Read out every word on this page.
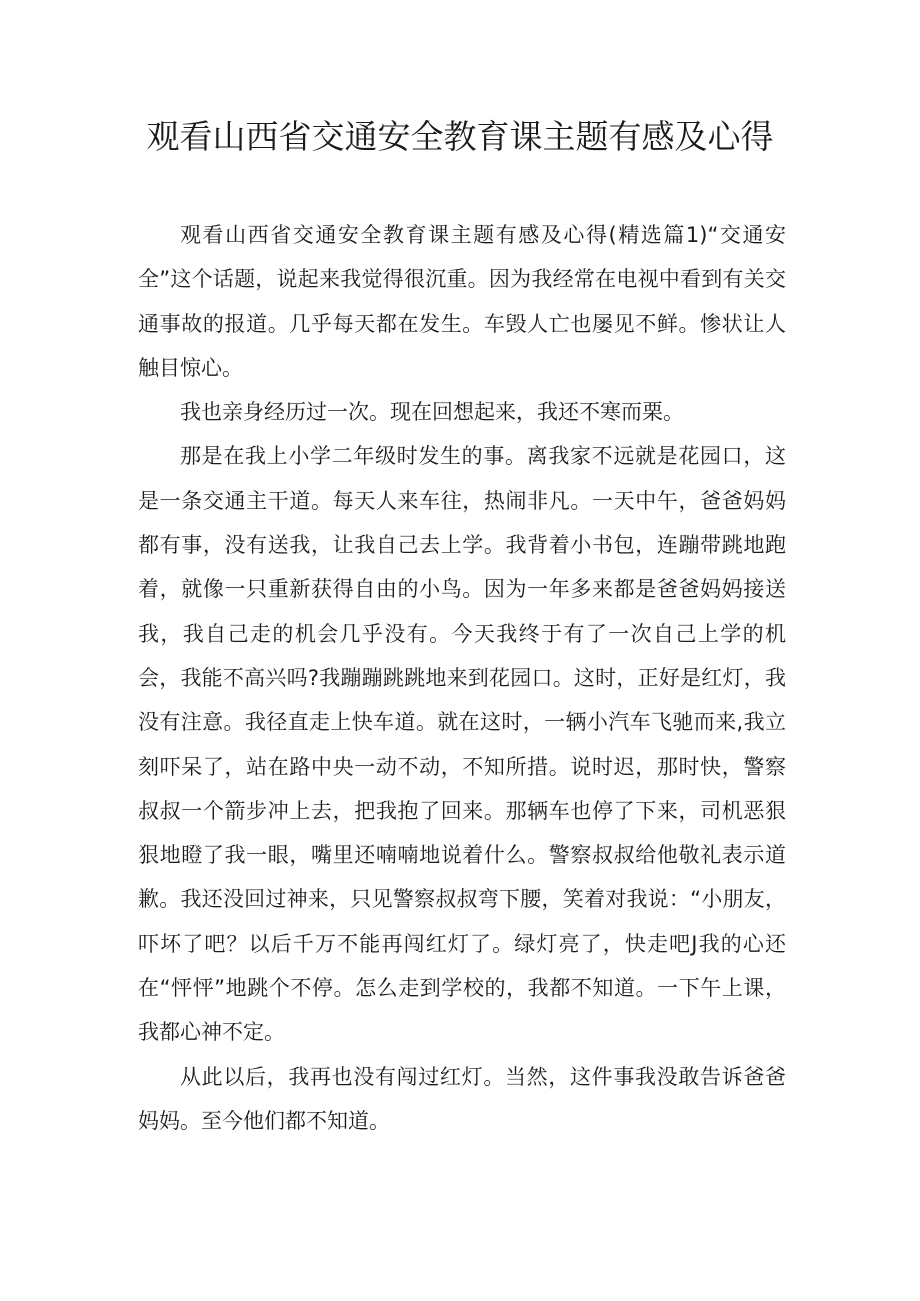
观看山西省交通安全教育课主题有感及心得

观看山西省交通安全教育课主题有感及心得(精选篇1)“交通安全”这个话题，说起来我觉得很沉重。因为我经常在电视中看到有关交通事故的报道。几乎每天都在发生。车毁人亡也屡见不鲜。惨状让人触目惊心。

我也亲身经历过一次。现在回想起来，我还不寒而栗。

那是在我上小学二年级时发生的事。离我家不远就是花园口，这是一条交通主干道。每天人来车往，热闹非凡。一天中午，爸爸妈妈都有事，没有送我，让我自己去上学。我背着小书包，连蹦带跳地跑着，就像一只重新获得自由的小鸟。因为一年多来都是爸爸妈妈接送我，我自己走的机会几乎没有。今天我终于有了一次自己上学的机会，我能不高兴吗?我蹦蹦跳跳地来到花园口。这时，正好是红灯，我没有注意。我径直走上快车道。就在这时，一辆小汽车飞驰而来,我立刻吓呆了，站在路中央一动不动，不知所措。说时迟，那时快，警察叔叔一个箭步冲上去，把我抱了回来。那辆车也停了下来，司机恶狠狠地瞪了我一眼，嘴里还喃喃地说着什么。警察叔叔给他敬礼表示道歉。我还没回过神来，只见警察叔叔弯下腰，笑着对我说：“小朋友，吓坏了吧？以后千万不能再闯红灯了。绿灯亮了，快走吧J我的心还在“怦怦”地跳个不停。怎么走到学校的，我都不知道。一下午上课，我都心神不定。

从此以后，我再也没有闯过红灯。当然，这件事我没敢告诉爸爸妈妈。至今他们都不知道。
